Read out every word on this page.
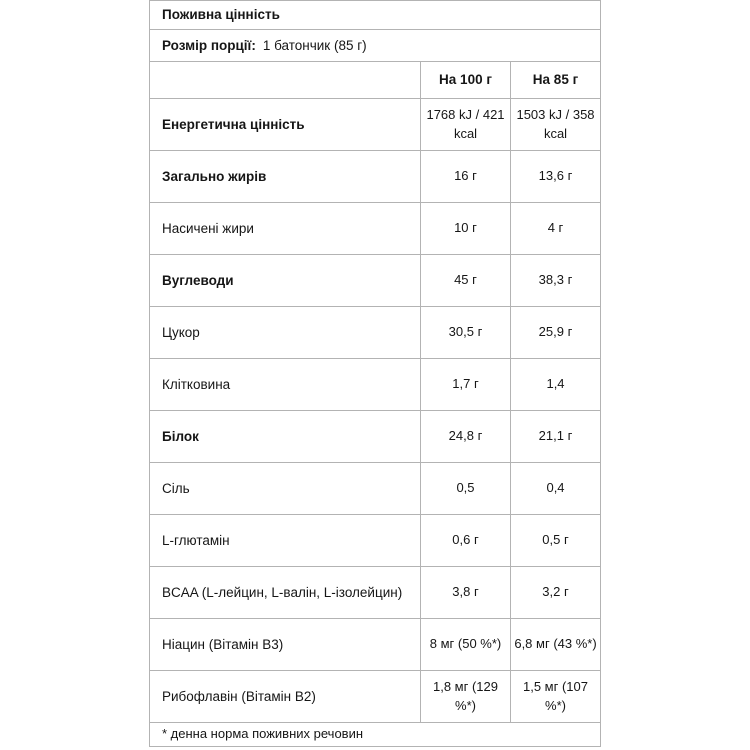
Поживна цінність		
Розмір порції: 1 батончик (85 г)		
	На 100 г	На 85 г
Енергетична цінність	1768 kJ / 421 kcal	1503 kJ / 358 kcal
Загально жирів	16 г	13,6 г
Насичені жири	10 г	4 г
Вуглеводи	45 г	38,3 г
Цукор	30,5 г	25,9 г
Клітковина	1,7 г	1,4
Білок	24,8 г	21,1 г
Сіль	0,5	0,4
L-глютамін	0,6 г	0,5 г
BCAA (L-лейцин, L-валін, L-ізолейцин)	3,8 г	3,2 г
Ніацин (Вітамін B3)	8 мг (50 %*)	6,8 мг (43 %*)
Рибофлавін (Вітамін B2)	1,8 мг (129 %*)	1,5 мг (107 %*)
* денна норма поживних речовин		
